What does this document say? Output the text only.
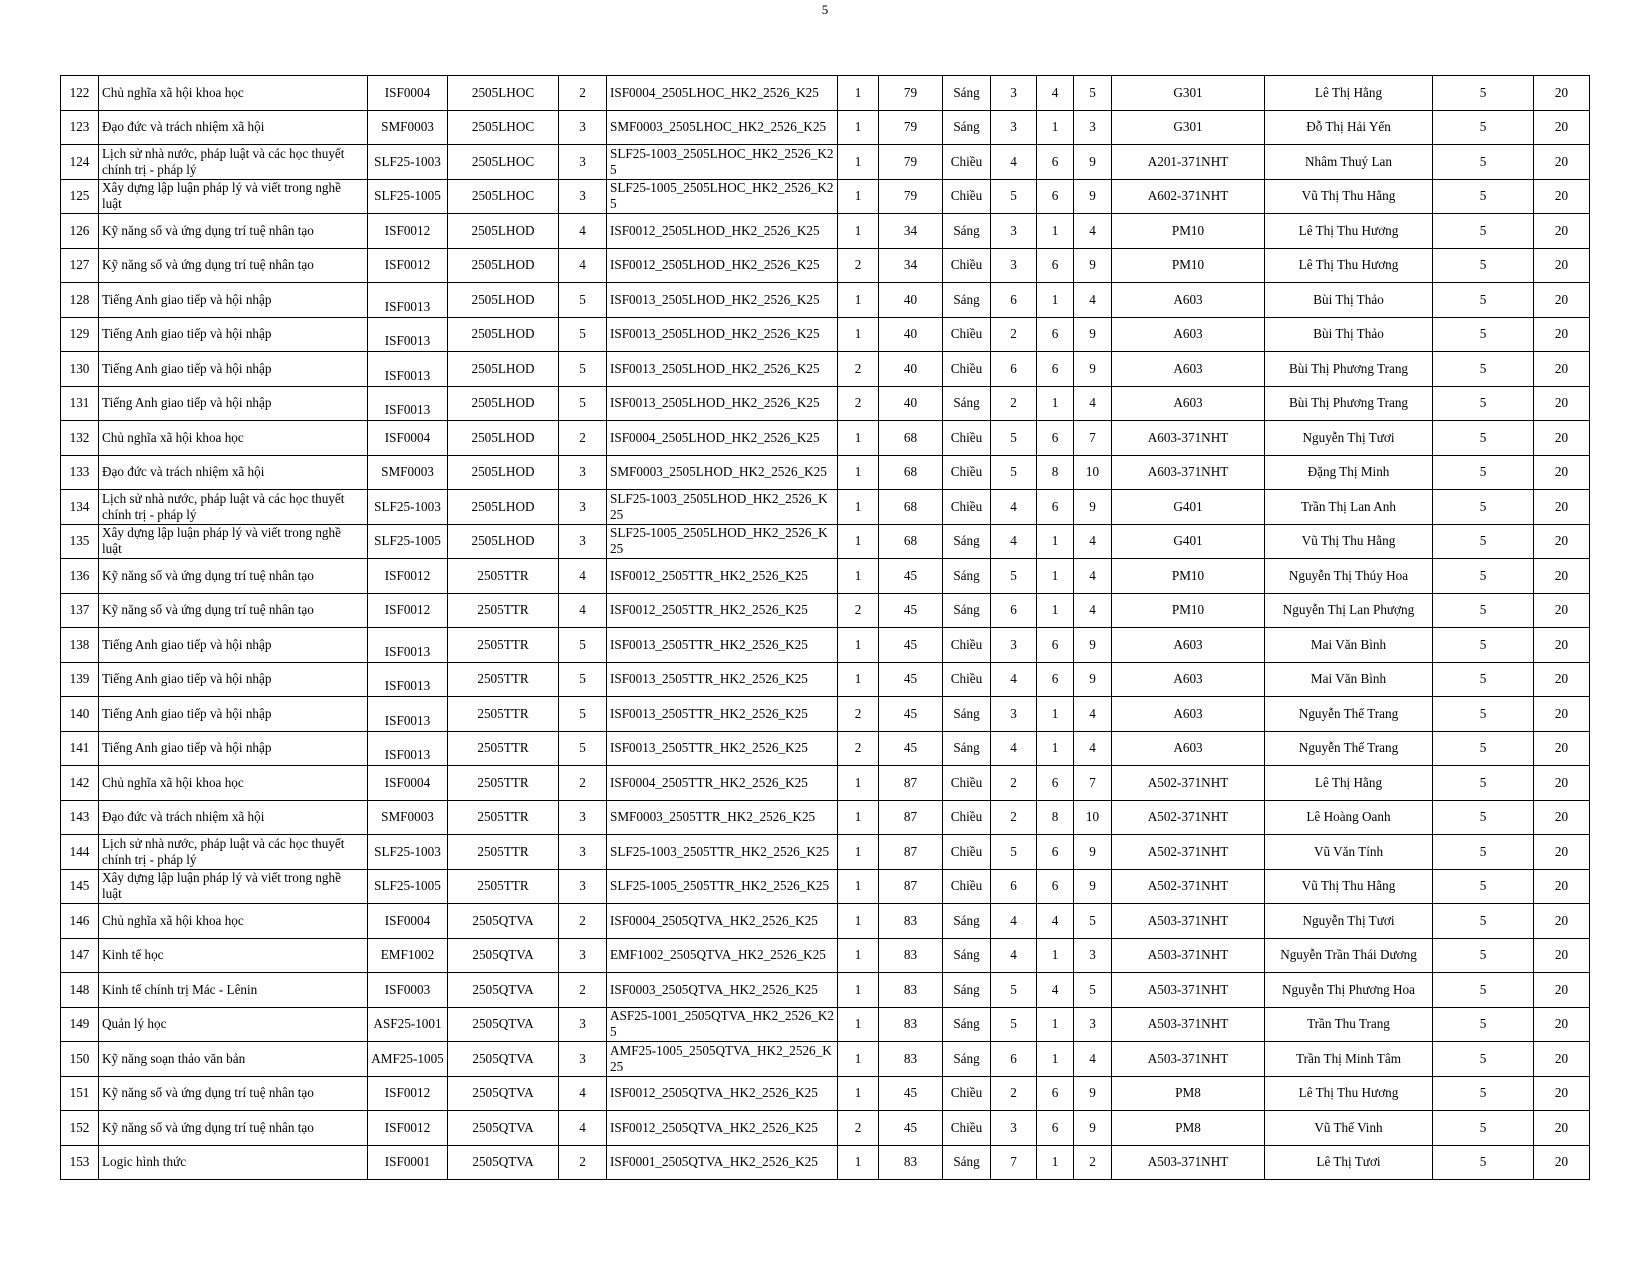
5
122	Chủ nghĩa xã hội khoa học	ISF0004	2505LHOC	2	ISF0004_2505LHOC_HK2_2526_K25	1	79	Sáng	3	4	5	G301	Lê Thị Hằng	5	20
123	Đạo đức và trách nhiệm xã hội	SMF0003	2505LHOC	3	SMF0003_2505LHOC_HK2_2526_K25	1	79	Sáng	3	1	3	G301	Đỗ Thị Hải Yến	5	20
124	Lịch sử nhà nước, pháp luật và các học thuyết chính trị - pháp lý	SLF25-1003	2505LHOC	3	SLF25-1003_2505LHOC_HK2_2526_K25	1	79	Chiều	4	6	9	A201-371NHT	Nhâm Thuý Lan	5	20
125	Xây dựng lập luận pháp lý và viết trong nghề luật	SLF25-1005	2505LHOC	3	SLF25-1005_2505LHOC_HK2_2526_K25	1	79	Chiều	5	6	9	A602-371NHT	Vũ Thị Thu Hằng	5	20
126	Kỹ năng số và ứng dụng trí tuệ nhân tạo	ISF0012	2505LHOD	4	ISF0012_2505LHOD_HK2_2526_K25	1	34	Sáng	3	1	4	PM10	Lê Thị Thu Hương	5	20
127	Kỹ năng số và ứng dụng trí tuệ nhân tạo	ISF0012	2505LHOD	4	ISF0012_2505LHOD_HK2_2526_K25	2	34	Chiều	3	6	9	PM10	Lê Thị Thu Hương	5	20
128	Tiếng Anh giao tiếp và hội nhập	ISF0013	2505LHOD	5	ISF0013_2505LHOD_HK2_2526_K25	1	40	Sáng	6	1	4	A603	Bùi Thị Thảo	5	20
129	Tiếng Anh giao tiếp và hội nhập	ISF0013	2505LHOD	5	ISF0013_2505LHOD_HK2_2526_K25	1	40	Chiều	2	6	9	A603	Bùi Thị Thảo	5	20
130	Tiếng Anh giao tiếp và hội nhập	ISF0013	2505LHOD	5	ISF0013_2505LHOD_HK2_2526_K25	2	40	Chiều	6	6	9	A603	Bùi Thị Phương Trang	5	20
131	Tiếng Anh giao tiếp và hội nhập	ISF0013	2505LHOD	5	ISF0013_2505LHOD_HK2_2526_K25	2	40	Sáng	2	1	4	A603	Bùi Thị Phương Trang	5	20
132	Chủ nghĩa xã hội khoa học	ISF0004	2505LHOD	2	ISF0004_2505LHOD_HK2_2526_K25	1	68	Chiều	5	6	7	A603-371NHT	Nguyễn Thị Tươi	5	20
133	Đạo đức và trách nhiệm xã hội	SMF0003	2505LHOD	3	SMF0003_2505LHOD_HK2_2526_K25	1	68	Chiều	5	8	10	A603-371NHT	Đặng Thị Minh	5	20
134	Lịch sử nhà nước, pháp luật và các học thuyết chính trị - pháp lý	SLF25-1003	2505LHOD	3	SLF25-1003_2505LHOD_HK2_2526_K25	1	68	Chiều	4	6	9	G401	Trần Thị Lan Anh	5	20
135	Xây dựng lập luận pháp lý và viết trong nghề luật	SLF25-1005	2505LHOD	3	SLF25-1005_2505LHOD_HK2_2526_K25	1	68	Sáng	4	1	4	G401	Vũ Thị Thu Hằng	5	20
136	Kỹ năng số và ứng dụng trí tuệ nhân tạo	ISF0012	2505TTR	4	ISF0012_2505TTR_HK2_2526_K25	1	45	Sáng	5	1	4	PM10	Nguyễn Thị Thúy Hoa	5	20
137	Kỹ năng số và ứng dụng trí tuệ nhân tạo	ISF0012	2505TTR	4	ISF0012_2505TTR_HK2_2526_K25	2	45	Sáng	6	1	4	PM10	Nguyễn Thị Lan Phượng	5	20
138	Tiếng Anh giao tiếp và hội nhập	ISF0013	2505TTR	5	ISF0013_2505TTR_HK2_2526_K25	1	45	Chiều	3	6	9	A603	Mai Văn Bình	5	20
139	Tiếng Anh giao tiếp và hội nhập	ISF0013	2505TTR	5	ISF0013_2505TTR_HK2_2526_K25	1	45	Chiều	4	6	9	A603	Mai Văn Bình	5	20
140	Tiếng Anh giao tiếp và hội nhập	ISF0013	2505TTR	5	ISF0013_2505TTR_HK2_2526_K25	2	45	Sáng	3	1	4	A603	Nguyễn Thế Trang	5	20
141	Tiếng Anh giao tiếp và hội nhập	ISF0013	2505TTR	5	ISF0013_2505TTR_HK2_2526_K25	2	45	Sáng	4	1	4	A603	Nguyễn Thế Trang	5	20
142	Chủ nghĩa xã hội khoa học	ISF0004	2505TTR	2	ISF0004_2505TTR_HK2_2526_K25	1	87	Chiều	2	6	7	A502-371NHT	Lê Thị Hằng	5	20
143	Đạo đức và trách nhiệm xã hội	SMF0003	2505TTR	3	SMF0003_2505TTR_HK2_2526_K25	1	87	Chiều	2	8	10	A502-371NHT	Lê Hoàng Oanh	5	20
144	Lịch sử nhà nước, pháp luật và các học thuyết chính trị - pháp lý	SLF25-1003	2505TTR	3	SLF25-1003_2505TTR_HK2_2526_K25	1	87	Chiều	5	6	9	A502-371NHT	Vũ Văn Tính	5	20
145	Xây dựng lập luận pháp lý và viết trong nghề luật	SLF25-1005	2505TTR	3	SLF25-1005_2505TTR_HK2_2526_K25	1	87	Chiều	6	6	9	A502-371NHT	Vũ Thị Thu Hằng	5	20
146	Chủ nghĩa xã hội khoa học	ISF0004	2505QTVA	2	ISF0004_2505QTVA_HK2_2526_K25	1	83	Sáng	4	4	5	A503-371NHT	Nguyễn Thị Tươi	5	20
147	Kinh tế học	EMF1002	2505QTVA	3	EMF1002_2505QTVA_HK2_2526_K25	1	83	Sáng	4	1	3	A503-371NHT	Nguyễn Trần Thái Dương	5	20
148	Kinh tế chính trị Mác - Lênin	ISF0003	2505QTVA	2	ISF0003_2505QTVA_HK2_2526_K25	1	83	Sáng	5	4	5	A503-371NHT	Nguyễn Thị Phương Hoa	5	20
149	Quản lý học	ASF25-1001	2505QTVA	3	ASF25-1001_2505QTVA_HK2_2526_K25	1	83	Sáng	5	1	3	A503-371NHT	Trần Thu Trang	5	20
150	Kỹ năng soạn thảo văn bản	AMF25-1005	2505QTVA	3	AMF25-1005_2505QTVA_HK2_2526_K25	1	83	Sáng	6	1	4	A503-371NHT	Trần Thị Minh Tâm	5	20
151	Kỹ năng số và ứng dụng trí tuệ nhân tạo	ISF0012	2505QTVA	4	ISF0012_2505QTVA_HK2_2526_K25	1	45	Chiều	2	6	9	PM8	Lê Thị Thu Hương	5	20
152	Kỹ năng số và ứng dụng trí tuệ nhân tạo	ISF0012	2505QTVA	4	ISF0012_2505QTVA_HK2_2526_K25	2	45	Chiều	3	6	9	PM8	Vũ Thế Vinh	5	20
153	Logic hình thức	ISF0001	2505QTVA	2	ISF0001_2505QTVA_HK2_2526_K25	1	83	Sáng	7	1	2	A503-371NHT	Lê Thị Tươi	5	20
